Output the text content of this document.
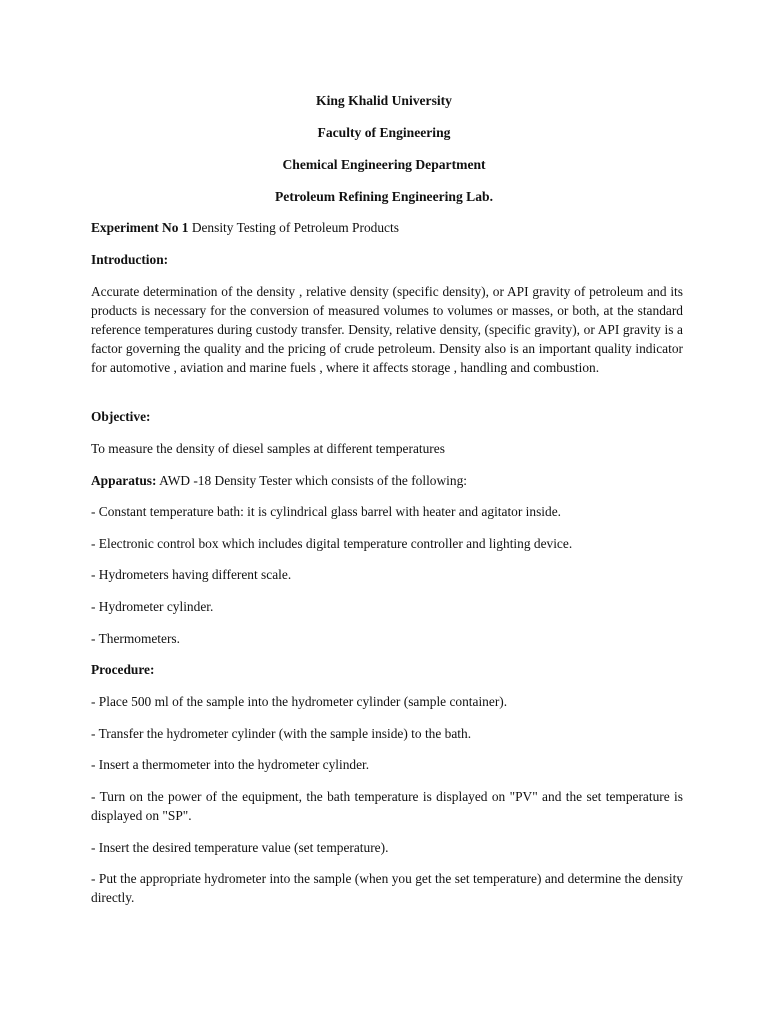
King Khalid University
Faculty of Engineering
Chemical Engineering Department
Petroleum Refining Engineering Lab.
Experiment No 1 Density Testing of Petroleum Products
Introduction:
Accurate determination of the density , relative density (specific density), or API gravity of petroleum and its products is necessary for the conversion of measured volumes to volumes or masses, or both, at the standard reference temperatures during custody transfer. Density, relative density, (specific gravity), or API gravity is a factor governing the quality and the pricing of crude petroleum. Density also is an important quality indicator for automotive , aviation and marine fuels , where it affects storage , handling and combustion.
Objective:
To measure the density of diesel samples at different temperatures
Apparatus: AWD -18 Density Tester which consists of the following:
- Constant temperature bath: it is cylindrical glass barrel with heater and agitator inside.
- Electronic control box which includes digital temperature controller and lighting device.
- Hydrometers having different scale.
- Hydrometer cylinder.
- Thermometers.
Procedure:
- Place 500 ml of the sample into the hydrometer cylinder (sample container).
- Transfer the hydrometer cylinder (with the sample inside) to the bath.
- Insert a thermometer into the hydrometer cylinder.
- Turn on the power of the equipment, the bath temperature is displayed on "PV" and the set temperature is displayed on "SP".
- Insert the desired temperature value (set temperature).
- Put the appropriate hydrometer into the sample (when you get the set temperature) and determine the density directly.
